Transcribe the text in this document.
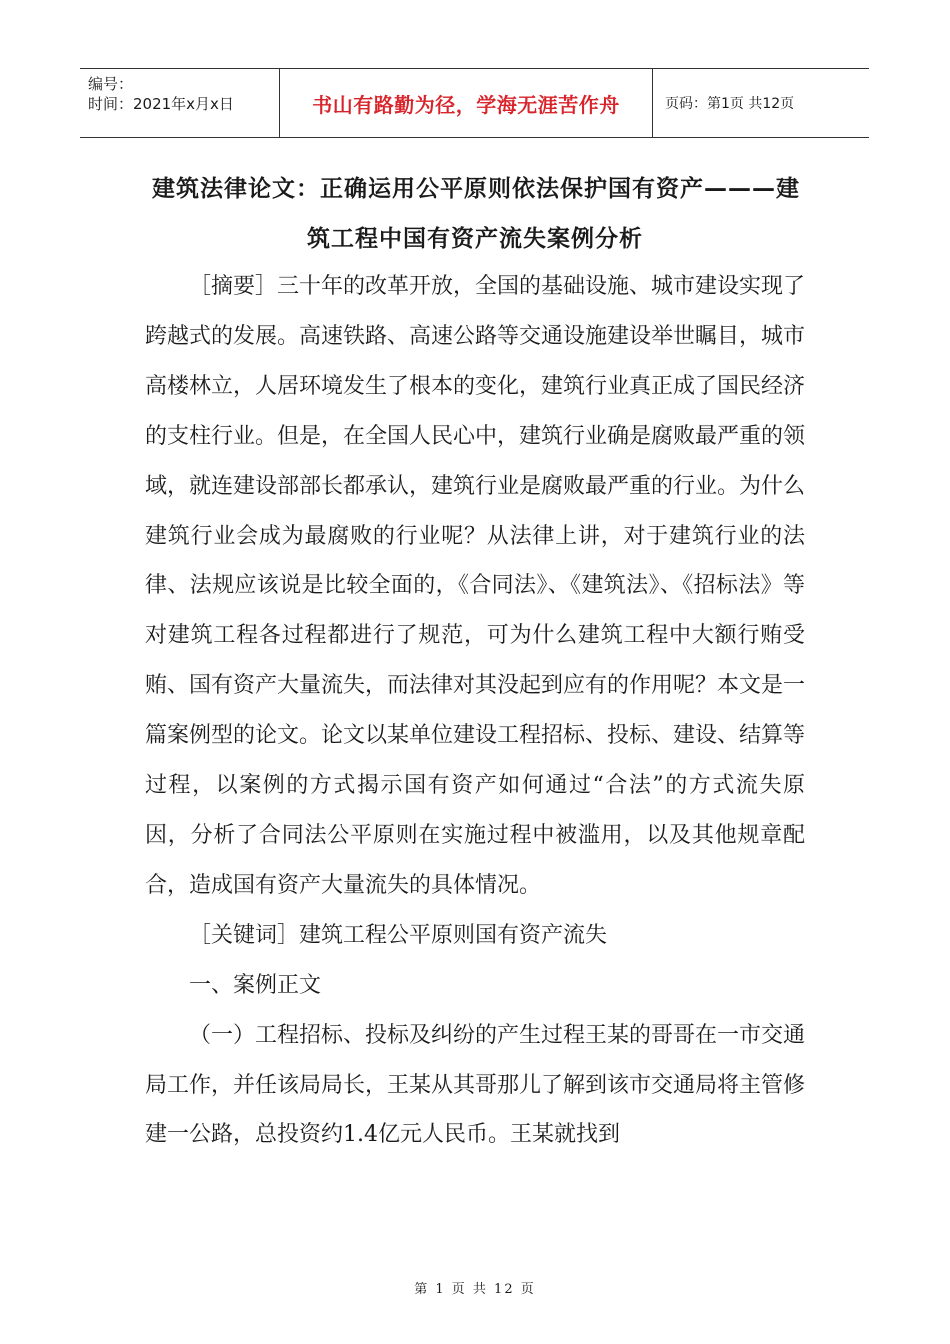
编号：
时间：2021年x月x日	书山有路勤为径，学海无涯苦作舟	页码：第1页 共12页
建筑法律论文：正确运用公平原则依法保护国有资产———建
筑工程中国有资产流失案例分析

［摘要］三十年的改革开放，全国的基础设施、城市建设实现了跨越式的发展。高速铁路、高速公路等交通设施建设举世瞩目，城市高楼林立，人居环境发生了根本的变化，建筑行业真正成了国民经济的支柱行业。但是，在全国人民心中，建筑行业确是腐败最严重的领域，就连建设部部长都承认，建筑行业是腐败最严重的行业。为什么建筑行业会成为最腐败的行业呢？从法律上讲，对于建筑行业的法律、法规应该说是比较全面的，《合同法》、《建筑法》、《招标法》等对建筑工程各过程都进行了规范，可为什么建筑工程中大额行贿受贿、国有资产大量流失，而法律对其没起到应有的作用呢？本文是一篇案例型的论文。论文以某单位建设工程招标、投标、建设、结算等过程，以案例的方式揭示国有资产如何通过“合法”的方式流失原因，分析了合同法公平原则在实施过程中被滥用，以及其他规章配合，造成国有资产大量流失的具体情况。

［关键词］建筑工程公平原则国有资产流失

一、案例正文

（一）工程招标、投标及纠纷的产生过程王某的哥哥在一市交通局工作，并任该局局长，王某从其哥那儿了解到该市交通局将主管修建一公路，总投资约1.4亿元人民币。王某就找到

第 1 页 共 12 页
